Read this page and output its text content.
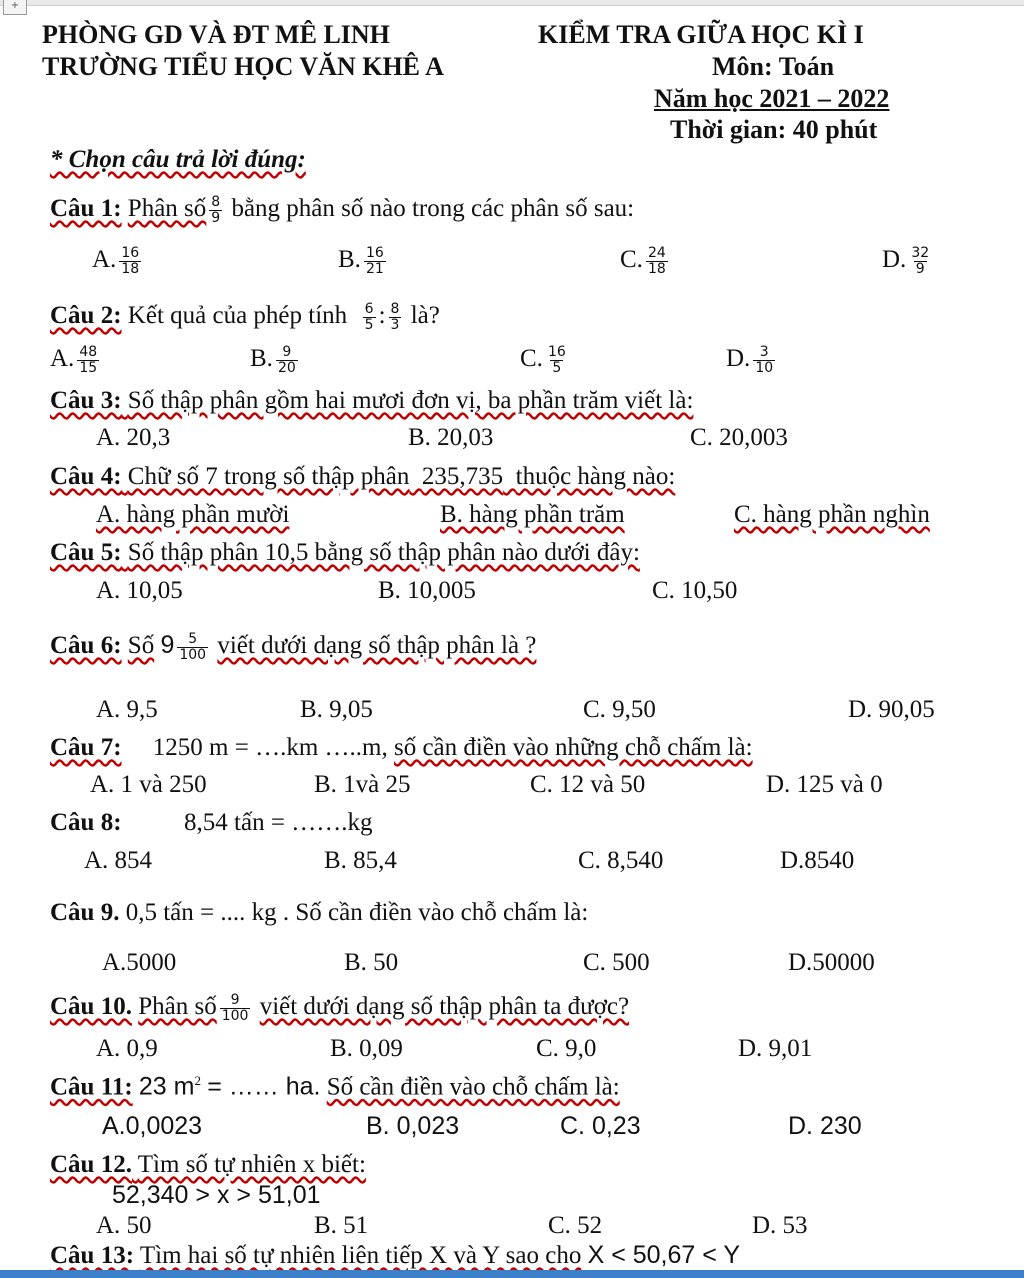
+
PHÒNG GD VÀ ĐT MÊ LINH
TRƯỜNG TIỂU HỌC VĂN KHÊ A
KIỂM TRA GIỮA HỌC KÌ I
Môn: Toán
Năm học 2021 – 2022
Thời gian: 40 phút
* Chọn câu trả lời đúng:
Câu 1: Phân số $\frac{8}{9}$ bằng phân số nào trong các phân số sau:
A. $\frac{16}{18}$	B. $\frac{16}{21}$	C. $\frac{24}{18}$	D. $\frac{32}{9}$
Câu 2: Kết quả của phép tính $\frac{6}{5}$ : $\frac{8}{3}$ là?
A. $\frac{48}{15}$	B. $\frac{9}{20}$	C. $\frac{16}{5}$	D. $\frac{3}{10}$
Câu 3: Số thập phân gồm hai mươi đơn vị, ba phần trăm viết là:
A. 20,3	B. 20,03	C. 20,003
Câu 4: Chữ số 7 trong số thập phân 235,735 thuộc hàng nào:
A. hàng phần mười	B. hàng phần trăm	C. hàng phần nghìn
Câu 5: Số thập phân 10,5 bằng số thập phân nào dưới đây:
A. 10,05	B. 10,005	C. 10,50
Câu 6: Số $9 \frac{5}{100}$ viết dưới dạng số thập phân là ?
A. 9,5	B. 9,05	C. 9,50	D. 90,05
Câu 7: 1250 m = ….km …..m, số cần điền vào những chỗ chấm là:
A. 1 và 250	B. 1và 25	C. 12 và 50	D. 125 và 0
Câu 8:	8,54 tấn = …….kg
A. 854	B. 85,4	C. 8,540	D.8540
Câu 9. 0,5 tấn = .... kg . Số cần điền vào chỗ chấm là:
A.5000	B. 50	C. 500	D.50000
Câu 10. Phân số $\frac{9}{100}$ viết dưới dạng số thập phân ta được?
A. 0,9	B. 0,09	C. 9,0	D. 9,01
Câu 11: 23 $m^2$ = …… ha. Số cần điền vào chỗ chấm là:
A.0,0023	B. 0,023	C. 0,23	D. 230
Câu 12. Tìm số tự nhiên x biết:
52,340 > x > 51,01
A. 50	B. 51	C. 52	D. 53
Câu 13: Tìm hai số tự nhiên liên tiếp X và Y sao cho X < 50,67 < Y
